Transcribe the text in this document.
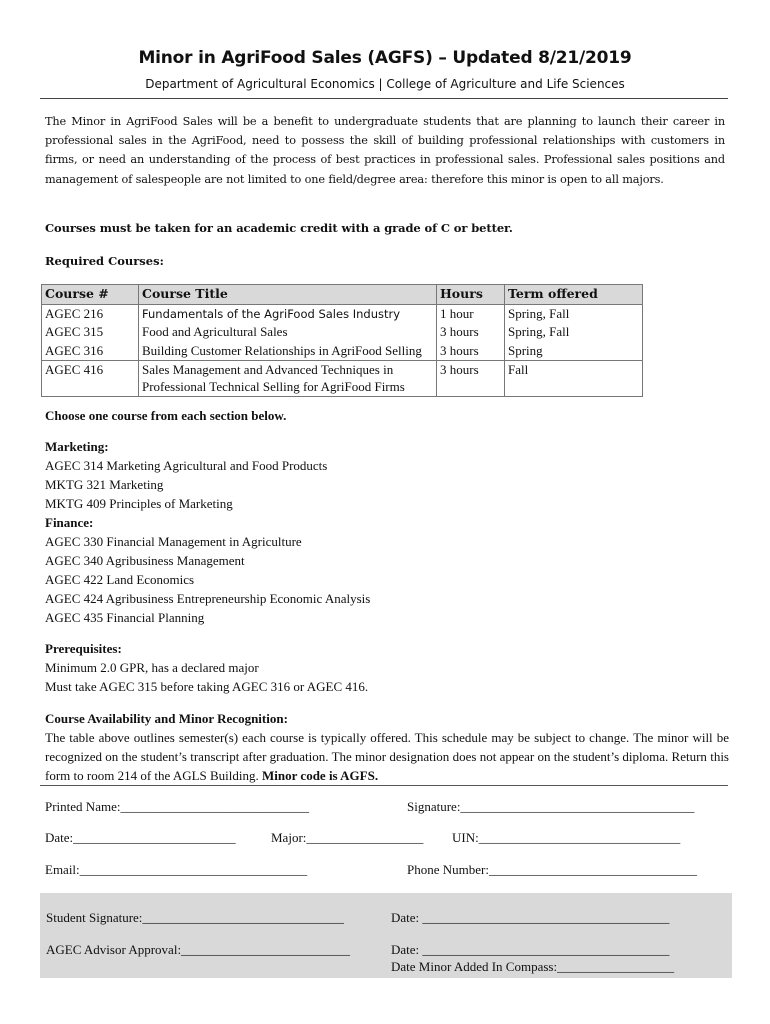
Minor in AgriFood Sales (AGFS) – Updated 8/21/2019
Department of Agricultural Economics | College of Agriculture and Life Sciences
The Minor in AgriFood Sales will be a benefit to undergraduate students that are planning to launch their career in professional sales in the AgriFood, need to possess the skill of building professional relationships with customers in firms, or need an understanding of the process of best practices in professional sales. Professional sales positions and management of salespeople are not limited to one field/degree area: therefore this minor is open to all majors.
Courses must be taken for an academic credit with a grade of C or better.
Required Courses:
Course #	Course Title	Hours	Term offered
AGEC 216	Fundamentals of the AgriFood Sales Industry	1 hour	Spring, Fall
AGEC 315	Food and Agricultural Sales	3 hours	Spring, Fall
AGEC 316	Building Customer Relationships in AgriFood Selling	3 hours	Spring
AGEC 416	Sales Management and Advanced Techniques in Professional Technical Selling for AgriFood Firms	3 hours	Fall
Choose one course from each section below.
Marketing:
AGEC 314 Marketing Agricultural and Food Products
MKTG 321 Marketing
MKTG 409 Principles of Marketing
Finance:
AGEC 330 Financial Management in Agriculture
AGEC 340 Agribusiness Management
AGEC 422 Land Economics
AGEC 424 Agribusiness Entrepreneurship Economic Analysis
AGEC 435 Financial Planning
Prerequisites:
Minimum 2.0 GPR, has a declared major
Must take AGEC 315 before taking AGEC 316 or AGEC 416.
Course Availability and Minor Recognition:
The table above outlines semester(s) each course is typically offered. This schedule may be subject to change. The minor will be recognized on the student’s transcript after graduation. The minor designation does not appear on the student’s diploma. Return this form to room 214 of the AGLS Building. Minor code is AGFS.
Printed Name:_____________________________	Signature:____________________________________
Date:_________________________	Major:__________________ UIN:_______________________________
Email:___________________________________	Phone Number:________________________________
Student Signature:_______________________________	Date: ______________________________________
AGEC Advisor Approval:__________________________	Date: ______________________________________
Date Minor Added In Compass:__________________
